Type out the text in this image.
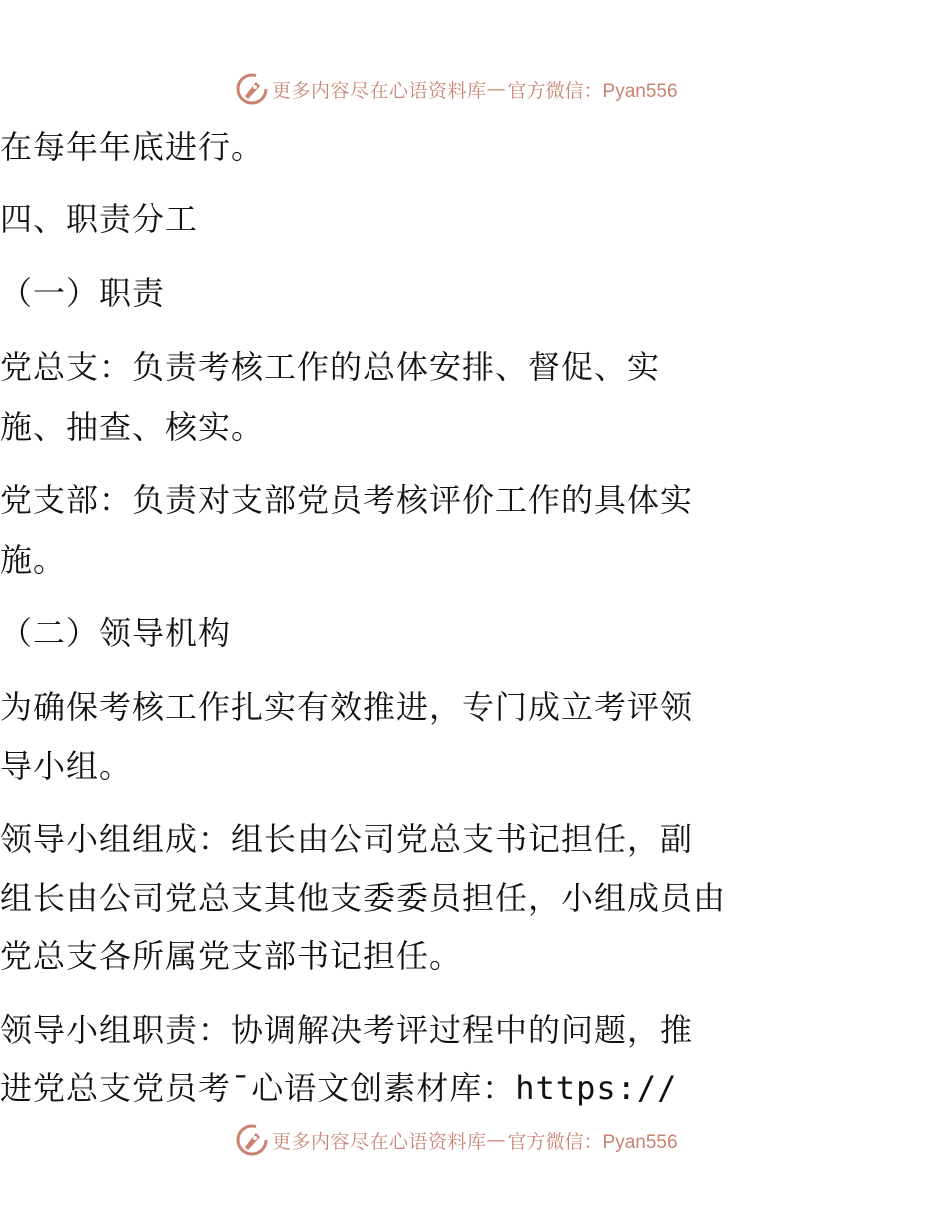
更多内容尽在心语资料库 — 官方微信：Pyan556
在每年年底进行。
四、职责分工
（一）职责
党总支：负责考核工作的总体安排、督促、实
施、抽查、核实。
党支部：负责对支部党员考核评价工作的具体实
施。
（二）领导机构
为确保考核工作扎实有效推进，专门成立考评领
导小组。
领导小组组成：组长由公司党总支书记担任，副
组长由公司党总支其他支委委员担任，小组成员由
党总支各所属党支部书记担任。
领导小组职责：协调解决考评过程中的问题，推
进党总支党员考¯心语文创素材库：https://
更多内容尽在心语资料库 — 官方微信：Pyan556
